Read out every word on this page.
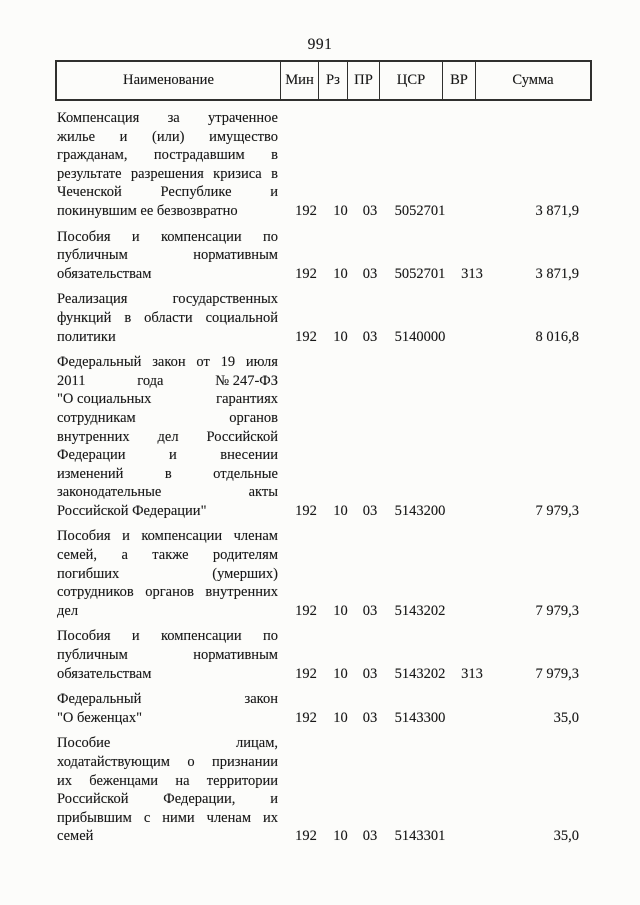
991
Наименование	Мин Рз ПР	ЦСР	ВР	Сумма
Компенсация за утраченное
жилье и (или) имущество
гражданам, пострадавшим в
результате разрешения кризиса в
Чеченской	Республике	и
покинувшим ее безвозвратно	192	10	03	5052701	3 871,9
Пособия и компенсации по
публичным	нормативным
обязательствам	192	10	03	5052701	313	3 871,9
Реализация	государственных
функций в области социальной
политики	192	10	03	5140000	8 016,8
Федеральный закон от 19 июля
2011	года	№ 247-ФЗ
"О социальных	гарантиях
сотрудникам	органов
внутренних дел Российской
Федерации	и	внесении
изменений	в	отдельные
законодательные	акты
Российской Федерации"	192	10	03	5143200	7 979,3
Пособия и компенсации членам
семей, а также родителям
погибших	(умерших)
сотрудников органов внутренних
дел	192	10	03	5143202	7 979,3
Пособия и компенсации по
публичным	нормативным
обязательствам	192	10	03	5143202	313	7 979,3
Федеральный	закон
"О беженцах"	192	10	03	5143300	35,0
Пособие	лицам,
ходатайствующим о признании
их беженцами на территории
Российской Федерации, и
прибывшим с ними членам их
семей	192	10	03	5143301	35,0
